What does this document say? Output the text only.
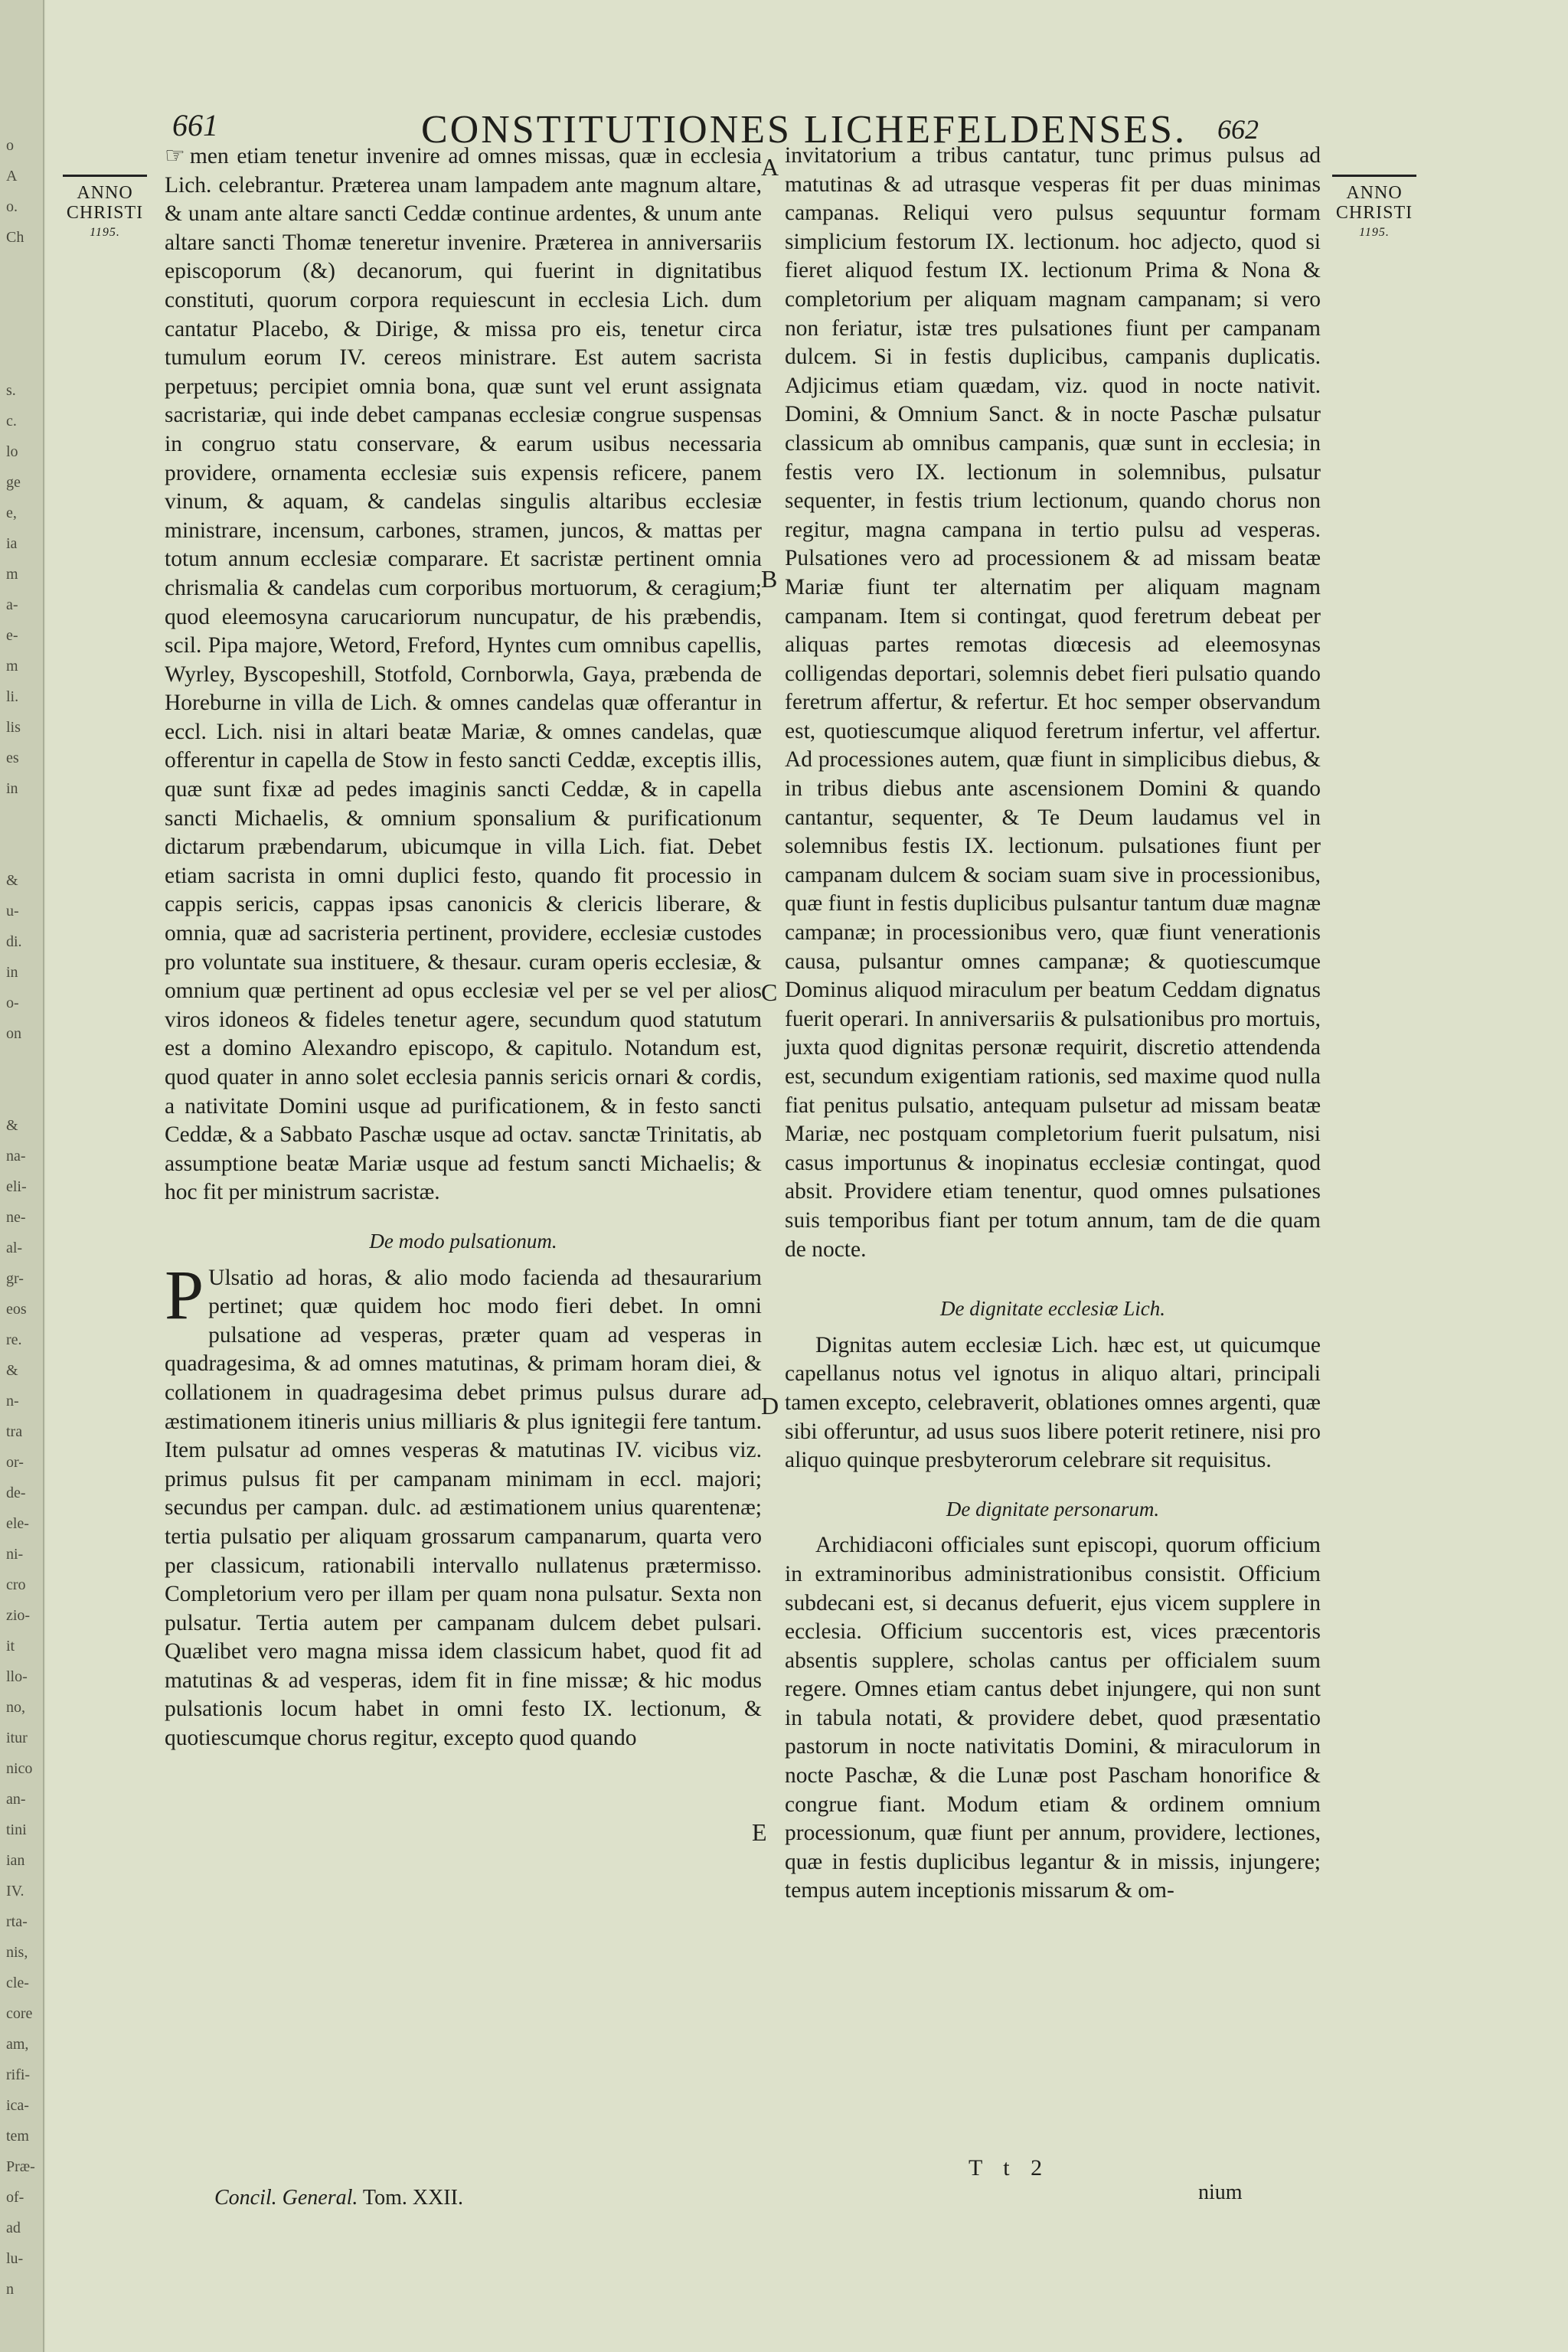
o
A
o. Ch

s.
c.
lo
ge
e,
ia
m
a-
e-
m
li.
lis
es
in

&
u-
di.
in
o-
on

&
na-
eli-
ne-
al-
gr-
eos
re.
&
n-
tra
or-
de-
ele-
ni-
cro
zio-
it
llo-
no,
itur
nico
an-
tini
ian
IV.
rta-
nis,
cle-
core
am,
rifi-
ica-
tem
Præ-
of-
ad
lu-
n
661	CONSTITUTIONES LICHEFELDENSES. 662
ANNO
CHRISTI
1195.
ANNO
CHRISTI
1195.
A
B
C
D
E

☞ men etiam tenetur invenire ad omnes missas, quæ in ecclesia Lich. celebrantur. Præterea unam lampadem ante magnum altare, & unam ante altare sancti Ceddæ continue ardentes, & unum ante altare sancti Thomæ teneretur invenire. Præterea in anniversariis episcoporum (&) decanorum, qui fuerint in dignitatibus constituti, quorum corpora requiescunt in ecclesia Lich. dum cantatur Placebo, & Dirige, & missa pro eis, tenetur circa tumulum eorum IV. cereos ministrare. Est autem sacrista perpetuus; percipiet omnia bona, quæ sunt vel erunt assignata sacristariæ, qui inde debet campanas ecclesiæ congrue suspensas in congruo statu conservare, & earum usibus necessaria providere, ornamenta ecclesiæ suis expensis reficere, panem vinum, & aquam, & candelas singulis altaribus ecclesiæ ministrare, incensum, carbones, stramen, juncos, & mattas per totum annum ecclesiæ comparare. Et sacristæ pertinent omnia chrismalia & candelas cum corporibus mortuorum, & ceragium; quod eleemosyna carucariorum nuncupatur, de his præbendis, scil. Pipa majore, Wetord, Freford, Hyntes cum omnibus capellis, Wyrley, Byscopeshill, Stotfold, Cornborwla, Gaya, præbenda de Horeburne in villa de Lich. & omnes candelas quæ offerantur in eccl. Lich. nisi in altari beatæ Mariæ, & omnes candelas, quæ offerentur in capella de Stow in festo sancti Ceddæ, exceptis illis, quæ sunt fixæ ad pedes imaginis sancti Ceddæ, & in capella sancti Michaelis, & omnium sponsalium & purificationum dictarum præbendarum, ubicumque in villa Lich. fiat. Debet etiam sacrista in omni duplici festo, quando fit processio in cappis sericis, cappas ipsas canonicis & clericis liberare, & omnia, quæ ad sacristeria pertinent, providere, ecclesiæ custodes pro voluntate sua instituere, & thesaur. curam operis ecclesiæ, & omnium quæ pertinent ad opus ecclesiæ vel per se vel per alios viros idoneos & fideles tenetur agere, secundum quod statutum est a domino Alexandro episcopo, & capitulo. Notandum est, quod quater in anno solet ecclesia pannis sericis ornari & cordis, a nativitate Domini usque ad purificationem, & in festo sancti Ceddæ, & a Sabbato Paschæ usque ad octav. sanctæ Trinitatis, ab assumptione beatæ Mariæ usque ad festum sancti Michaelis; & hoc fit per ministrum sacristæ.

De modo pulsationum.

P Ulsatio ad horas, & alio modo facienda ad thesaurarium pertinet; quæ quidem hoc modo fieri debet. In omni pulsatione ad vesperas, præter quam ad vesperas in quadragesima, & ad omnes matutinas, & primam horam diei, & collationem in quadragesima debet primus pulsus durare ad æstimationem itineris unius milliaris & plus ignitegii fere tantum. Item pulsatur ad omnes vesperas & matutinas IV. vicibus viz. primus pulsus fit per campanam minimam in eccl. majori; secundus per campan. dulc. ad æstimationem unius quarentenæ; tertia pulsatio per aliquam grossarum campanarum, quarta vero per classicum, rationabili intervallo nullatenus prætermisso. Completorium vero per illam per quam nona pulsatur. Sexta non pulsatur. Tertia autem per campanam dulcem debet pulsari. Quælibet vero magna missa idem classicum habet, quod fit ad matutinas & ad vesperas, idem fit in fine missæ; & hic modus pulsationis locum habet in omni festo IX. lectionum, & quotiescumque chorus regitur, excepto quod quando

invitatorium a tribus cantatur, tunc primus pulsus ad matutinas & ad utrasque vesperas fit per duas minimas campanas. Reliqui vero pulsus sequuntur formam simplicium festorum IX. lectionum. hoc adjecto, quod si fieret aliquod festum IX. lectionum Prima & Nona & completorium per aliquam magnam campanam; si vero non feriatur, istæ tres pulsationes fiunt per campanam dulcem. Si in festis duplicibus, campanis duplicatis. Adjicimus etiam quædam, viz. quod in nocte nativit. Domini, & Omnium Sanct. & in nocte Paschæ pulsatur classicum ab omnibus campanis, quæ sunt in ecclesia; in festis vero IX. lectionum in solemnibus, pulsatur sequenter, in festis trium lectionum, quando chorus non regitur, magna campana in tertio pulsu ad vesperas. Pulsationes vero ad processionem & ad missam beatæ Mariæ fiunt ter alternatim per aliquam magnam campanam. Item si contingat, quod feretrum debeat per aliquas partes remotas diœcesis ad eleemosynas colligendas deportari, solemnis debet fieri pulsatio quando feretrum affertur, & refertur. Et hoc semper observandum est, quotiescumque aliquod feretrum infertur, vel affertur. Ad processiones autem, quæ fiunt in simplicibus diebus, & in tribus diebus ante ascensionem Domini & quando cantantur, sequenter, & Te Deum laudamus vel in solemnibus festis IX. lectionum. pulsationes fiunt per campanam dulcem & sociam suam sive in processionibus, quæ fiunt in festis duplicibus pulsantur tantum duæ magnæ campanæ; in processionibus vero, quæ fiunt venerationis causa, pulsantur omnes campanæ; & quotiescumque Dominus aliquod miraculum per beatum Ceddam dignatus fuerit operari. In anniversariis & pulsationibus pro mortuis, juxta quod dignitas personæ requirit, discretio attendenda est, secundum exigentiam rationis, sed maxime quod nulla fiat penitus pulsatio, antequam pulsetur ad missam beatæ Mariæ, nec postquam completorium fuerit pulsatum, nisi casus importunus & inopinatus ecclesiæ contingat, quod absit. Providere etiam tenentur, quod omnes pulsationes suis temporibus fiant per totum annum, tam de die quam de nocte.

De dignitate ecclesiæ Lich.

Dignitas autem ecclesiæ Lich. hæc est, ut quicumque capellanus notus vel ignotus in aliquo altari, principali tamen excepto, celebraverit, oblationes omnes argenti, quæ sibi offeruntur, ad usus suos libere poterit retinere, nisi pro aliquo quinque presbyterorum celebrare sit requisitus.

De dignitate personarum.

Archidiaconi officiales sunt episcopi, quorum officium in extraminoribus administrationibus consistit. Officium subdecani est, si decanus defuerit, ejus vicem supplere in ecclesia. Officium succentoris est, vices præcentoris absentis supplere, scholas cantus per officialem suum regere. Omnes etiam cantus debet injungere, qui non sunt in tabula notati, & providere debet, quod præsentatio pastorum in nocte nativitatis Domini, & miraculorum in nocte Paschæ, & die Lunæ post Pascham honorifice & congrue fiant. Modum etiam & ordinem omnium processionum, quæ fiunt per annum, providere, lectiones, quæ in festis duplicibus legantur & in missis, injungere; tempus autem inceptionis missarum & om-

Concil. General. Tom. XXII.
T t 2
nium
